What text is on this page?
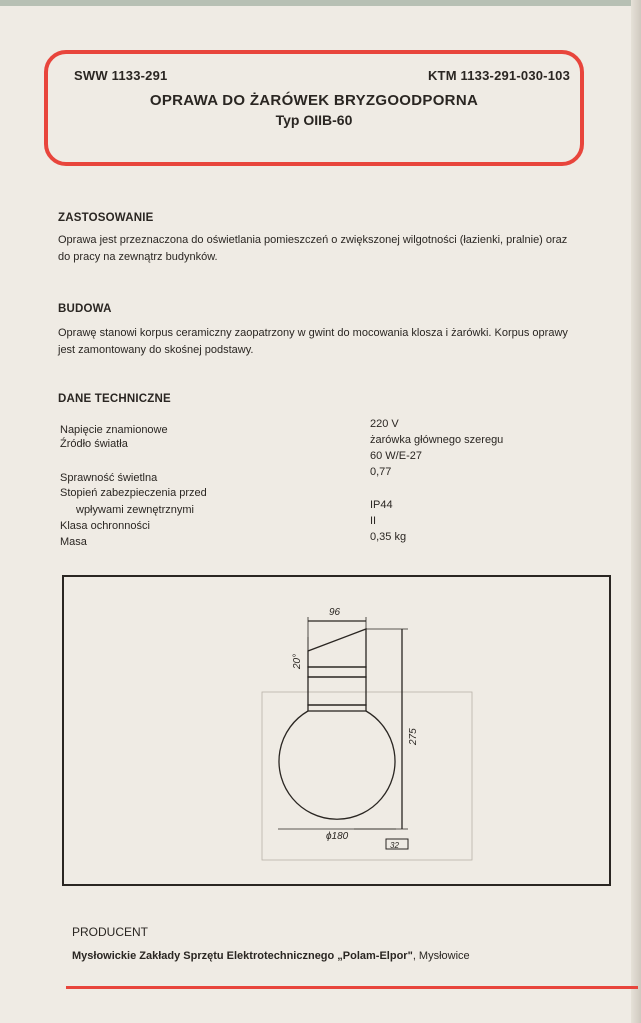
SWW 1133-291	KTM 1133-291-030-103
OPRAWA DO ŻARÓWEK BRYZGOODPORNA
Typ OIIB-60
ZASTOSOWANIE
Oprawa jest przeznaczona do oświetlania pomieszczeń o zwiększonej wilgotności (łazienki, pralnie) oraz do pracy na zewnątrz budynków.
BUDOWA
Oprawę stanowi korpus ceramiczny zaopatrzony w gwint do mocowania klosza i żarówki. Korpus oprawy jest zamontowany do skośnej podstawy.
DANE TECHNICZNE
Napięcie znamionowe
Źródło światła
Sprawność świetlna
Stopień zabezpieczenia przed
wpływami zewnętrznymi
Klasa ochronności
Masa
220 V
żarówka głównego szeregu
60 W/E-27
0,77
IP44
II
0,35 kg
96
20°
275
ϕ180
32
PRODUCENT
Mysłowickie Zakłady Sprzętu Elektrotechnicznego „Polam-Elpor", Mysłowice
